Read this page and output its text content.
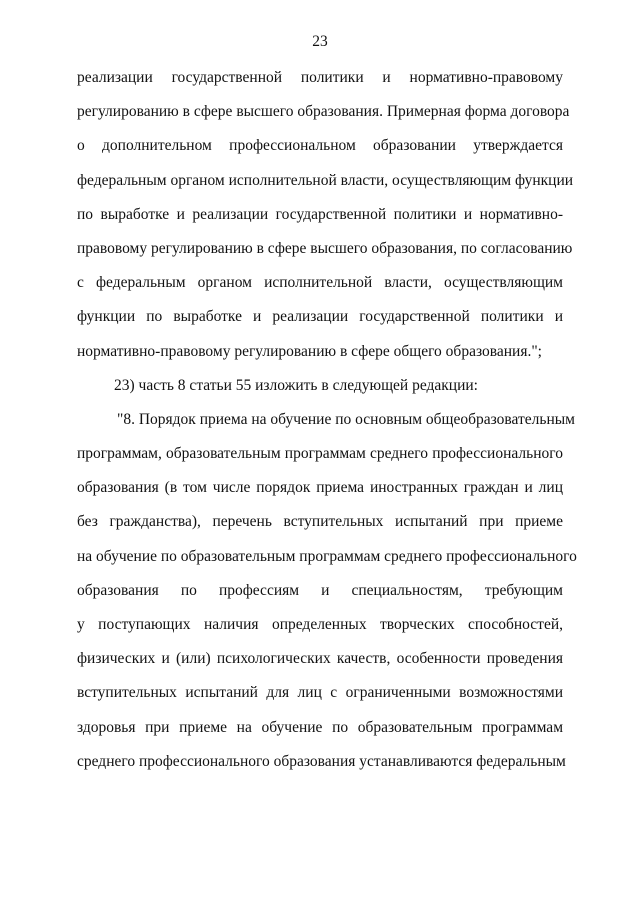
23
реализации государственной политики и нормативно-правовому
регулированию в сфере высшего образования. Примерная форма договора
о дополнительном профессиональном образовании утверждается
федеральным органом исполнительной власти, осуществляющим функции
по выработке и реализации государственной политики и нормативно-
правовому регулированию в сфере высшего образования, по согласованию
с федеральным органом исполнительной власти, осуществляющим
функции по выработке и реализации государственной политики и
нормативно-правовому регулированию в сфере общего образования.";
23) часть 8 статьи 55 изложить в следующей редакции:
"8. Порядок приема на обучение по основным общеобразовательным
программам, образовательным программам среднего профессионального
образования (в том числе порядок приема иностранных граждан и лиц
без гражданства), перечень вступительных испытаний при приеме
на обучение по образовательным программам среднего профессионального
образования по профессиям и специальностям, требующим
у поступающих наличия определенных творческих способностей,
физических и (или) психологических качеств, особенности проведения
вступительных испытаний для лиц с ограниченными возможностями
здоровья при приеме на обучение по образовательным программам
среднего профессионального образования устанавливаются федеральным
